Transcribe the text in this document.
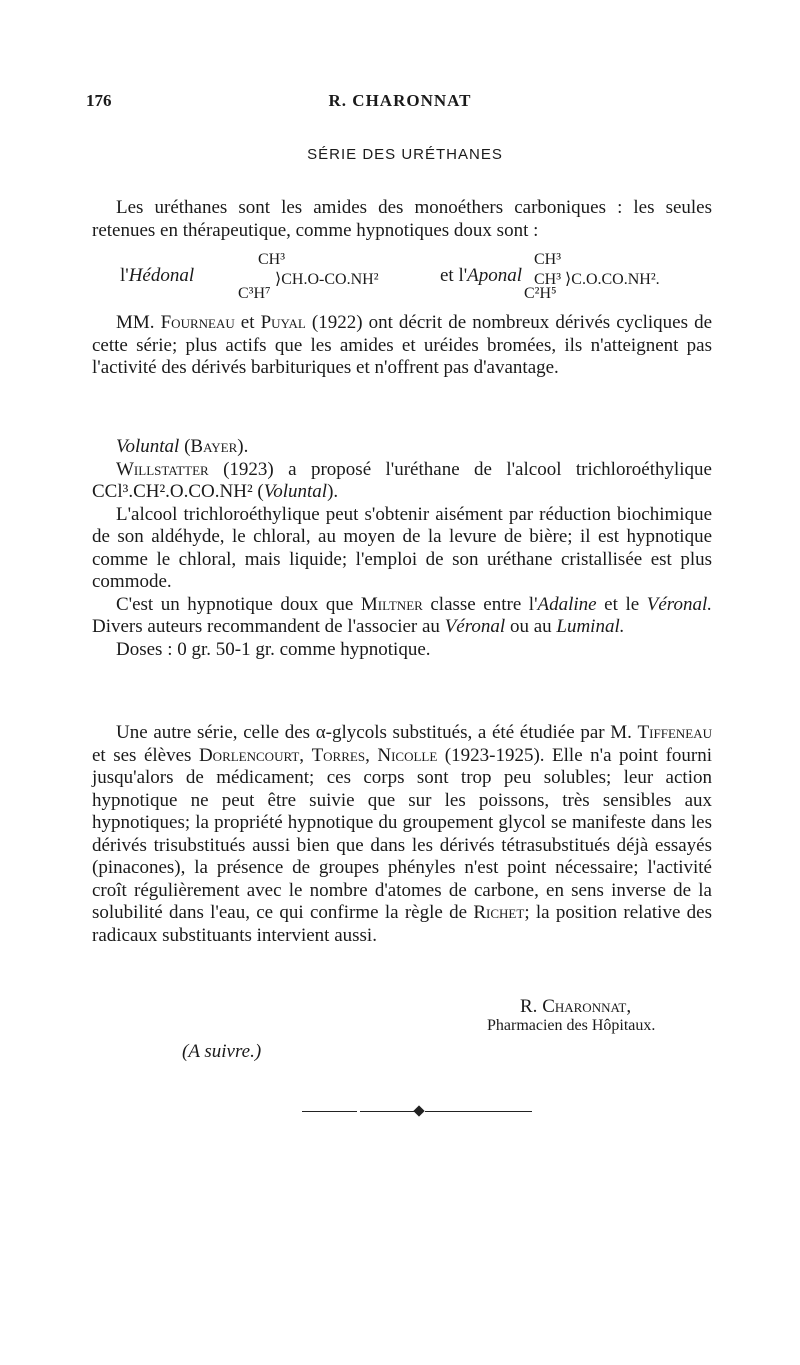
176	R. CHARONNAT
SÉRIE DES URÉTHANES

Les uréthanes sont les amides des monoéthers carboniques : les seules retenues en thérapeutique, comme hypnotiques doux sont :

l'Hédonal
CH³
⟩CH.O-CO.NH²
C³H⁷
et l'Aponal
CH³
CH³ ⟩C.O.CO.NH².
C²H⁵

MM. Fourneau et Puyal (1922) ont décrit de nombreux dérivés cycliques de cette série; plus actifs que les amides et uréides bromées, ils n'atteignent pas l'activité des dérivés barbituriques et n'offrent pas d'avantage.

Voluntal (Bayer).

Willstatter (1923) a proposé l'uréthane de l'alcool trichloroéthylique CCl³.CH².O.CO.NH² (Voluntal).

L'alcool trichloroéthylique peut s'obtenir aisément par réduction biochimique de son aldéhyde, le chloral, au moyen de la levure de bière; il est hypnotique comme le chloral, mais liquide; l'emploi de son uréthane cristallisée est plus commode.

C'est un hypnotique doux que Miltner classe entre l'Adaline et le Véronal. Divers auteurs recommandent de l'associer au Véronal ou au Luminal.

Doses : 0 gr. 50-1 gr. comme hypnotique.

Une autre série, celle des α-glycols substitués, a été étudiée par M. Tiffeneau et ses élèves Dorlencourt, Torres, Nicolle (1923-1925). Elle n'a point fourni jusqu'alors de médicament; ces corps sont trop peu solubles; leur action hypnotique ne peut être suivie que sur les poissons, très sensibles aux hypnotiques; la propriété hypnotique du groupement glycol se manifeste dans les dérivés trisubstitués aussi bien que dans les dérivés tétrasubstitués déjà essayés (pinacones), la présence de groupes phényles n'est point nécessaire; l'activité croît régulièrement avec le nombre d'atomes de carbone, en sens inverse de la solubilité dans l'eau, ce qui confirme la règle de Richet; la position relative des radicaux substituants intervient aussi.

R. Charonnat,
Pharmacien des Hôpitaux.
(A suivre.)
